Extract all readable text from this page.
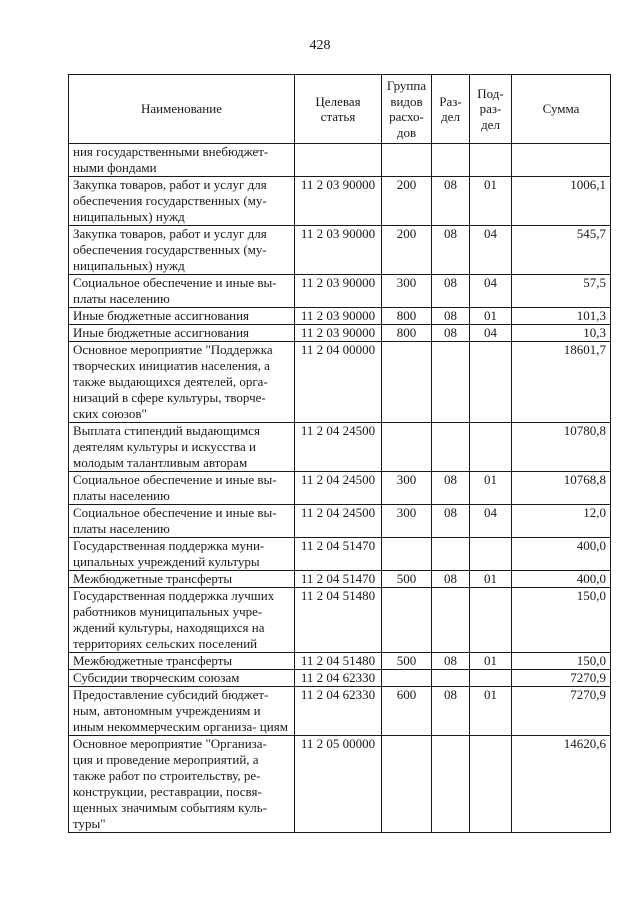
428
Наименование	Целевая статья	Группа видов расхо- дов	Раз- дел	Под- раз- дел	Сумма
ния государственными внебюджет- ными фондами					
Закупка товаров, работ и услуг для обеспечения государственных (му- ниципальных) нужд	11 2 03 90000	200	08	01	1006,1
Закупка товаров, работ и услуг для обеспечения государственных (му- ниципальных) нужд	11 2 03 90000	200	08	04	545,7
Социальное обеспечение и иные вы- платы населению	11 2 03 90000	300	08	04	57,5
Иные бюджетные ассигнования	11 2 03 90000	800	08	01	101,3
Иные бюджетные ассигнования	11 2 03 90000	800	08	04	10,3
Основное мероприятие "Поддержка творческих инициатив населения, а также выдающихся деятелей, орга- низаций в сфере культуры, творче- ских союзов"	11 2 04 00000				18601,7
Выплата стипендий выдающимся деятелям культуры и искусства и молодым талантливым авторам	11 2 04 24500				10780,8
Социальное обеспечение и иные вы- платы населению	11 2 04 24500	300	08	01	10768,8
Социальное обеспечение и иные вы- платы населению	11 2 04 24500	300	08	04	12,0
Государственная поддержка муни- ципальных учреждений культуры	11 2 04 51470				400,0
Межбюджетные трансферты	11 2 04 51470	500	08	01	400,0
Государственная поддержка лучших работников муниципальных учре- ждений культуры, находящихся на территориях сельских поселений	11 2 04 51480				150,0
Межбюджетные трансферты	11 2 04 51480	500	08	01	150,0
Субсидии творческим союзам	11 2 04 62330				7270,9
Предоставление субсидий бюджет- ным, автономным учреждениям и иным некоммерческим организа- циям	11 2 04 62330	600	08	01	7270,9
Основное мероприятие "Организа- ция и проведение мероприятий, а также работ по строительству, ре- конструкции, реставрации, посвя- щенных значимым событиям куль- туры"	11 2 05 00000				14620,6
